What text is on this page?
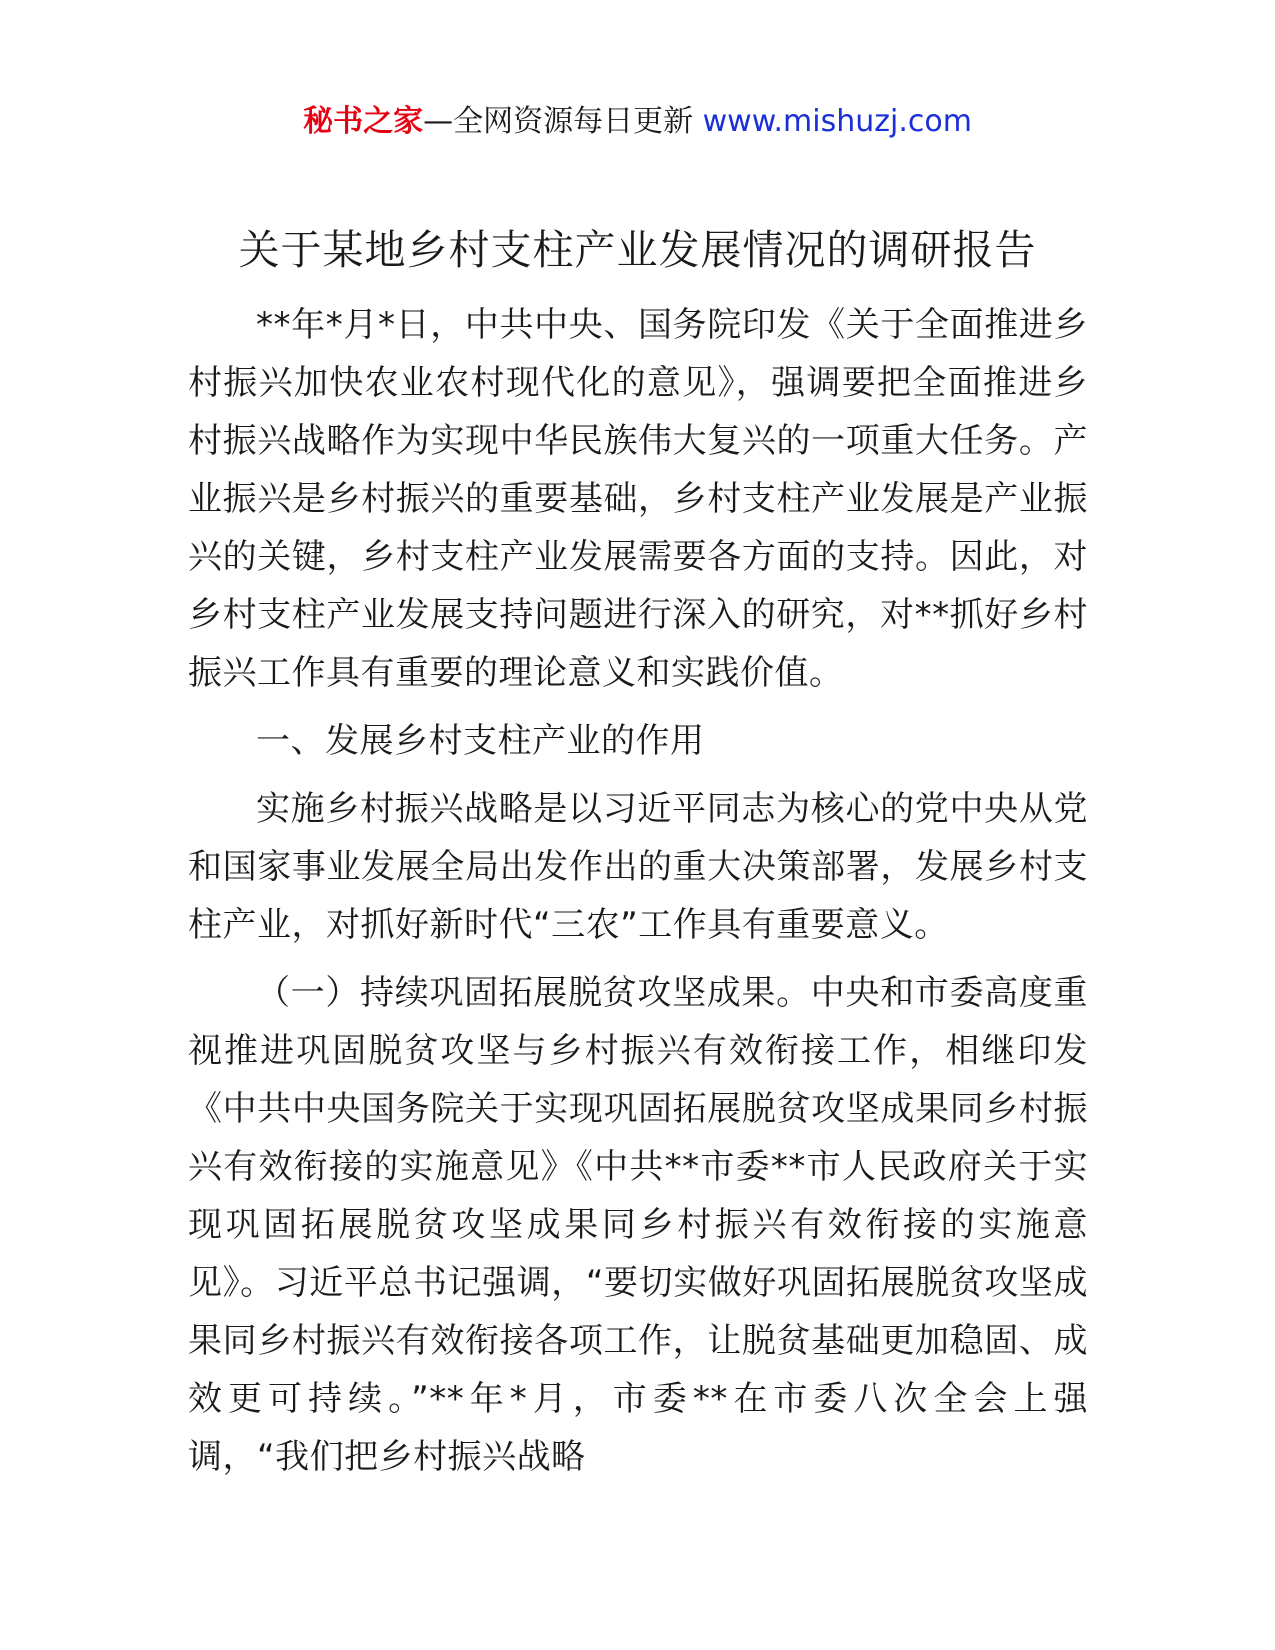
秘书之家—全网资源每日更新 www.mishuzj.com
关于某地乡村支柱产业发展情况的调研报告

**年*月*日，中共中央、国务院印发《关于全面推进乡村振兴加快农业农村现代化的意见》，强调要把全面推进乡村振兴战略作为实现中华民族伟大复兴的一项重大任务。产业振兴是乡村振兴的重要基础，乡村支柱产业发展是产业振兴的关键，乡村支柱产业发展需要各方面的支持。因此，对乡村支柱产业发展支持问题进行深入的研究，对**抓好乡村振兴工作具有重要的理论意义和实践价值。

一、发展乡村支柱产业的作用

实施乡村振兴战略是以习近平同志为核心的党中央从党和国家事业发展全局出发作出的重大决策部署，发展乡村支柱产业，对抓好新时代“三农”工作具有重要意义。

（一）持续巩固拓展脱贫攻坚成果。中央和市委高度重视推进巩固脱贫攻坚与乡村振兴有效衔接工作，相继印发《中共中央国务院关于实现巩固拓展脱贫攻坚成果同乡村振兴有效衔接的实施意见》《中共**市委**市人民政府关于实现巩固拓展脱贫攻坚成果同乡村振兴有效衔接的实施意见》。习近平总书记强调，“要切实做好巩固拓展脱贫攻坚成果同乡村振兴有效衔接各项工作，让脱贫基础更加稳固、成效更可持续。”**年*月，市委**在市委八次全会上强调，“我们把乡村振兴战略
